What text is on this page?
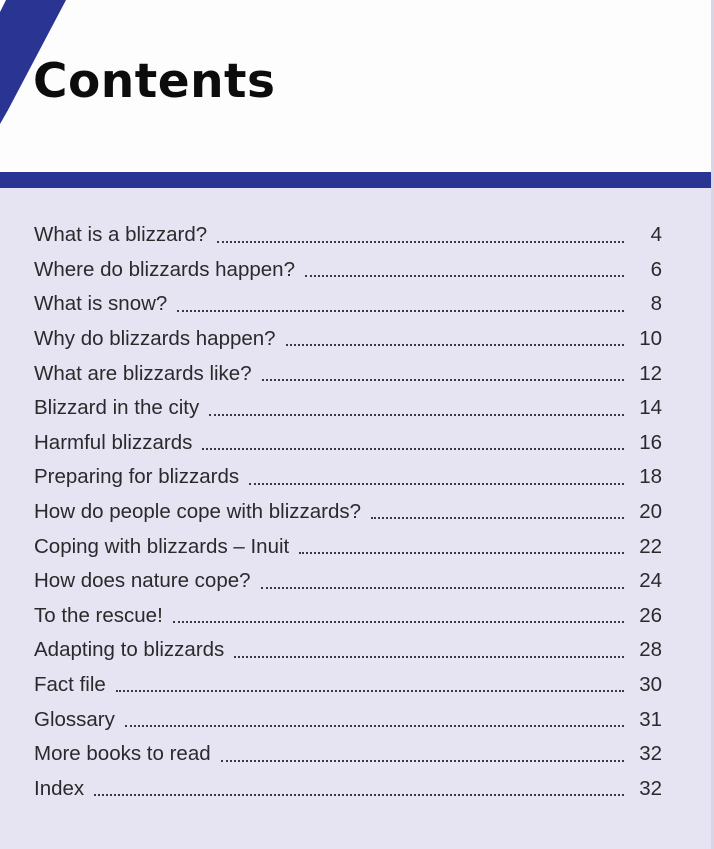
Contents
What is a blizzard?	4
Where do blizzards happen?	6
What is snow?	8
Why do blizzards happen?	10
What are blizzards like?	12
Blizzard in the city	14
Harmful blizzards	16
Preparing for blizzards	18
How do people cope with blizzards?	20
Coping with blizzards – Inuit	22
How does nature cope?	24
To the rescue!	26
Adapting to blizzards	28
Fact file	30
Glossary	31
More books to read	32
Index	32
